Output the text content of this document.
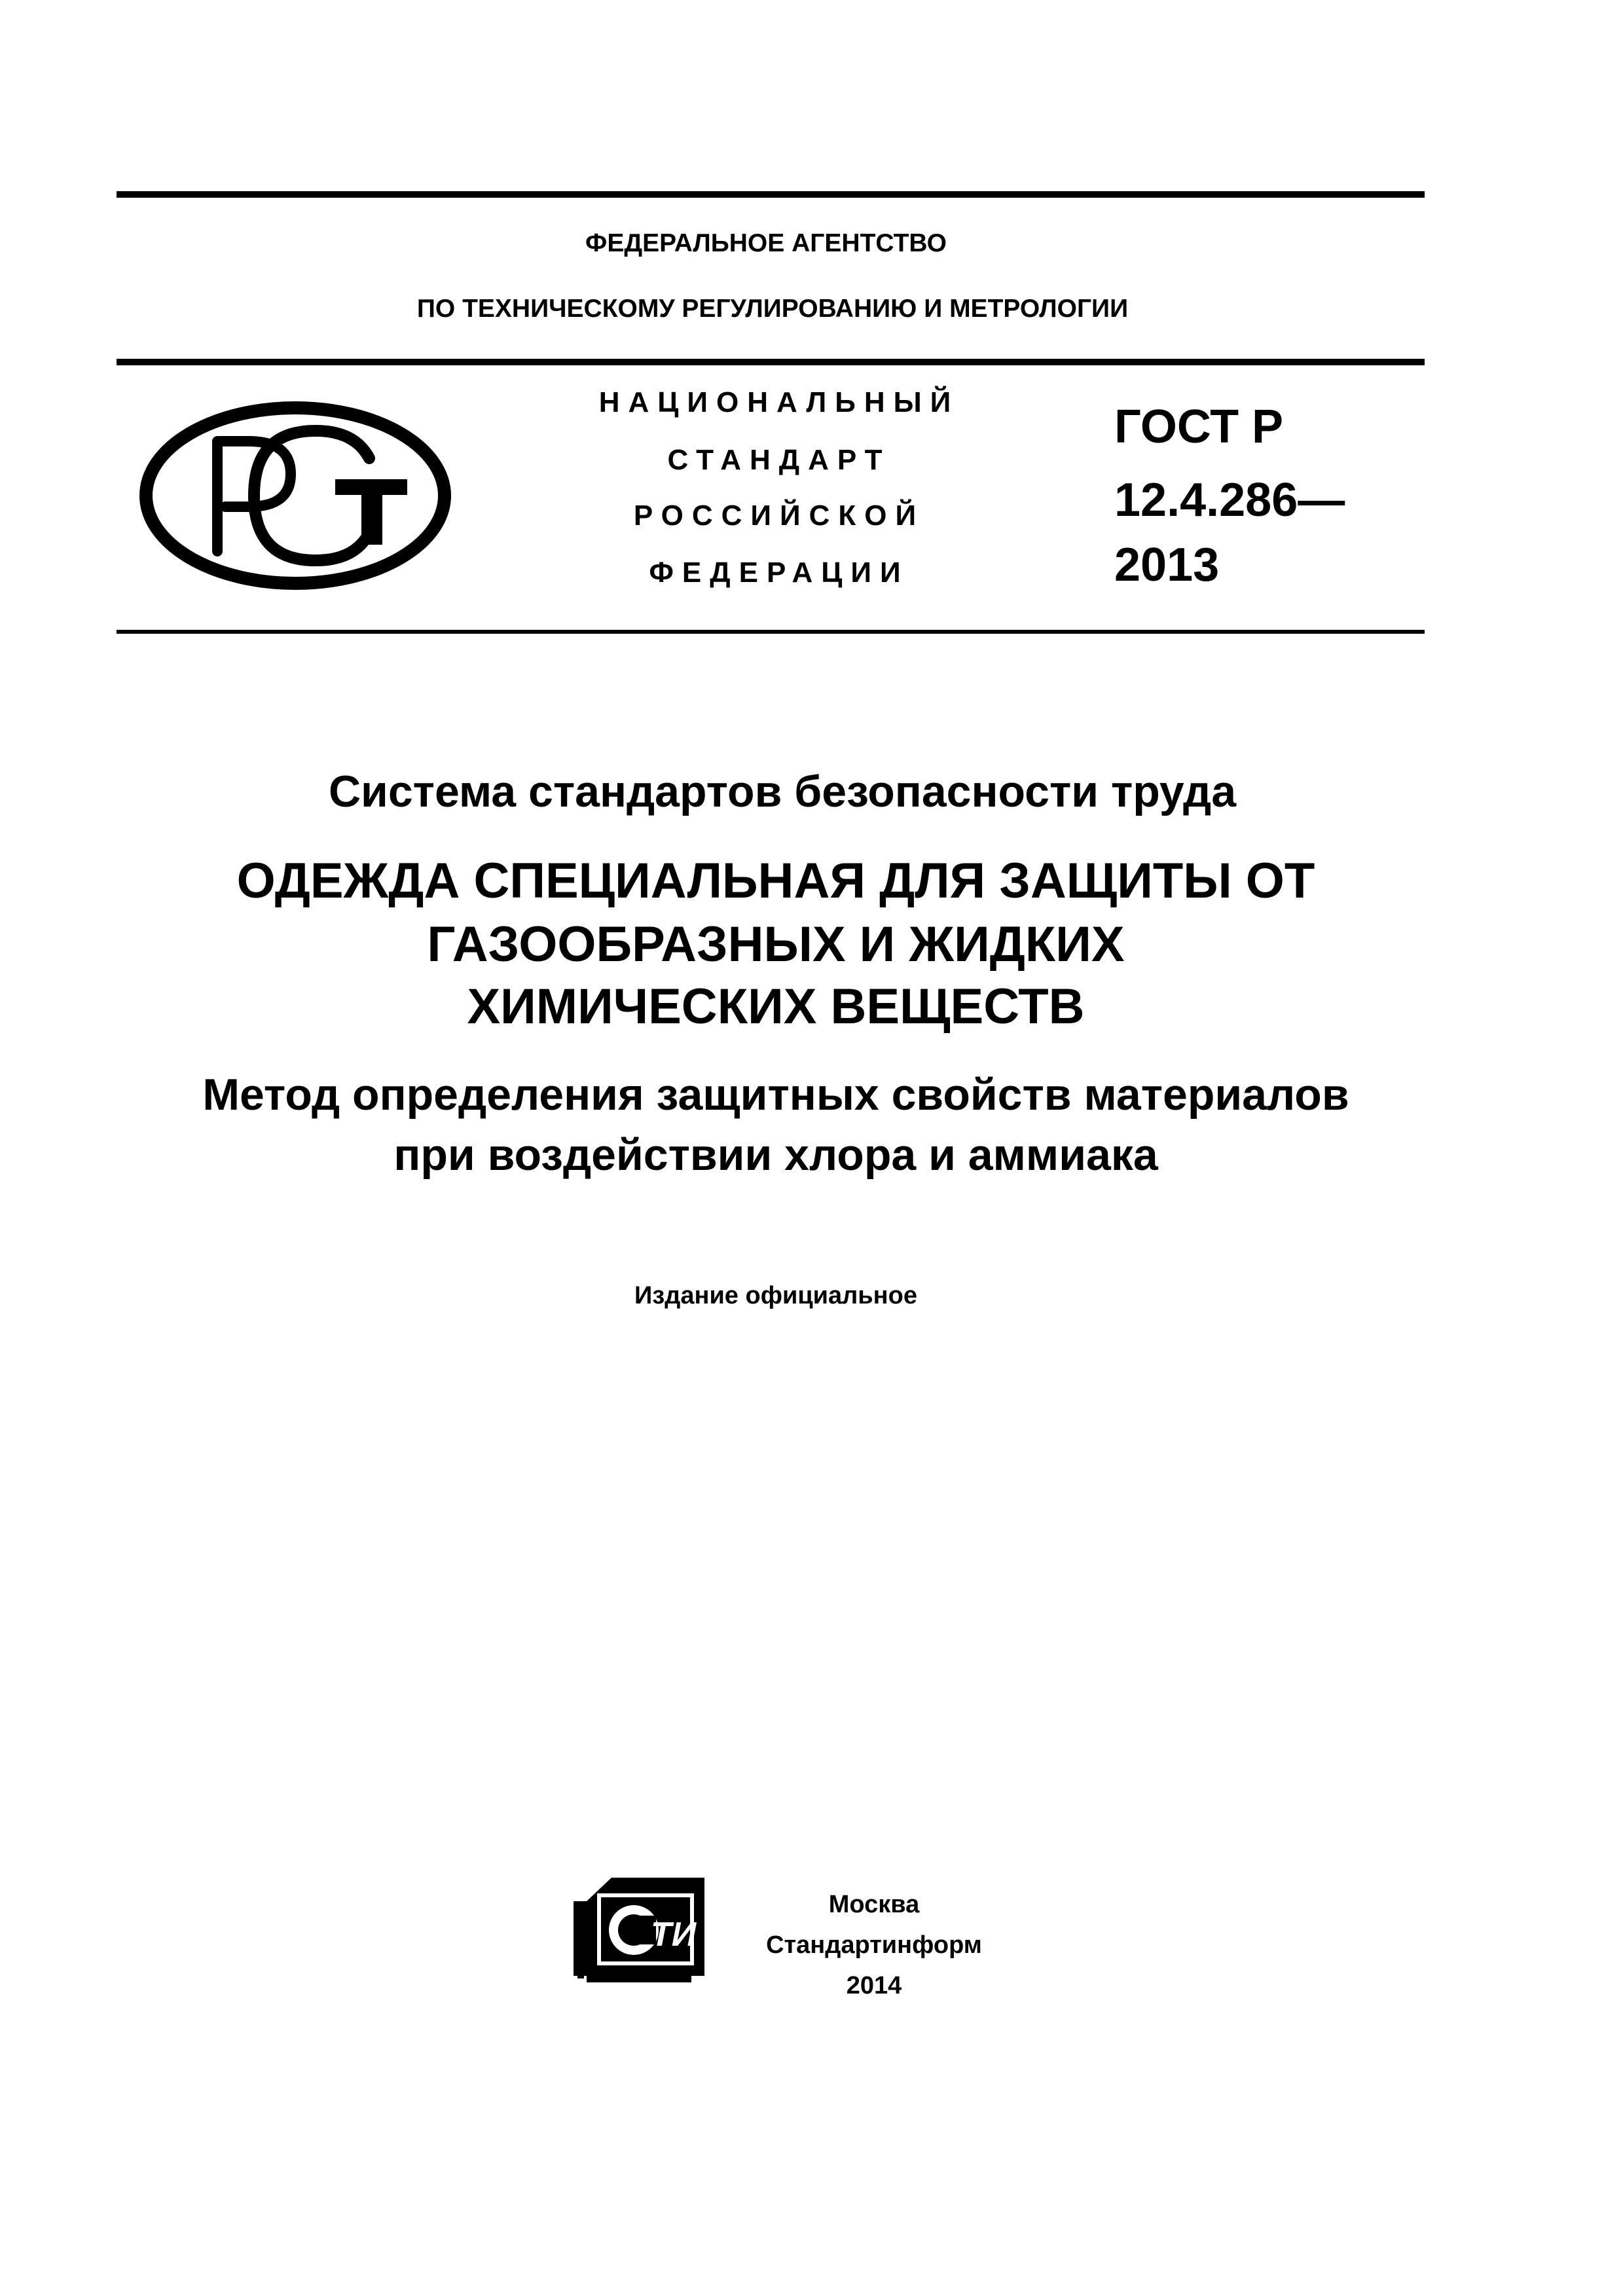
ФЕДЕРАЛЬНОЕ АГЕНТСТВО
ПО ТЕХНИЧЕСКОМУ РЕГУЛИРОВАНИЮ И МЕТРОЛОГИИ
НАЦИОНАЛЬНЫЙ
СТАНДАРТ
РОССИЙСКОЙ
ФЕДЕРАЦИИ
ГОСТ Р
12.4.286—
2013
Система стандартов безопасности труда
ОДЕЖДА СПЕЦИАЛЬНАЯ ДЛЯ ЗАЩИТЫ ОТ
ГАЗООБРАЗНЫХ И ЖИДКИХ
ХИМИЧЕСКИХ ВЕЩЕСТВ
Метод определения защитных свойств материалов
при воздействии хлора и аммиака
Издание официальное
ТИ
Москва
Стандартинформ
2014
